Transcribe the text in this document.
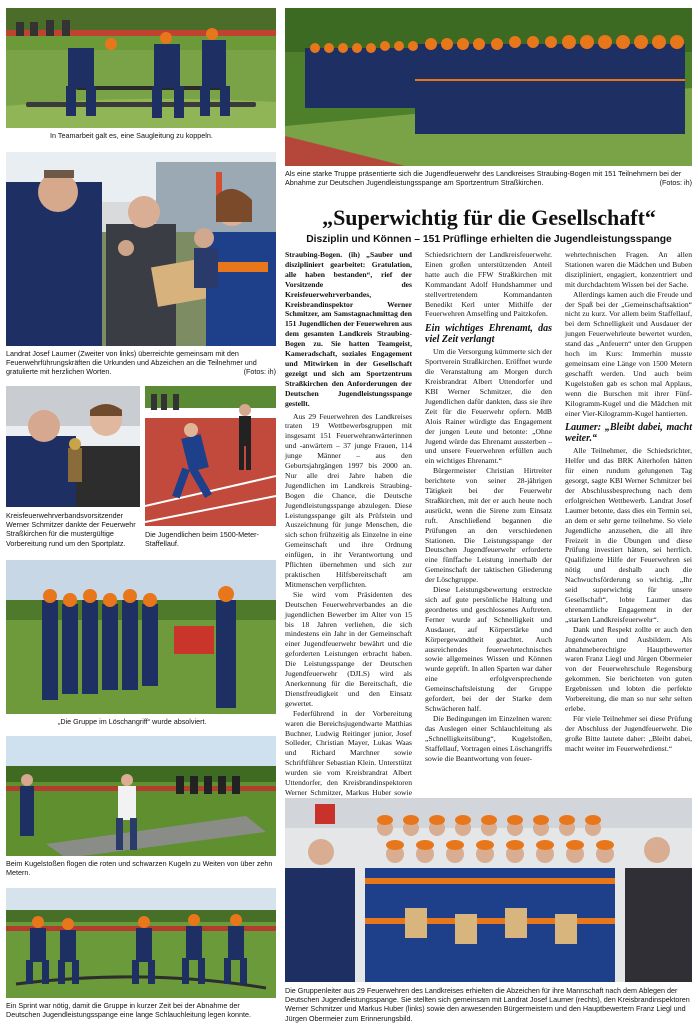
In Teamarbeit galt es, eine Saugleitung zu koppeln.

Landrat Josef Laumer (Zweiter von links) überreichte gemeinsam mit den Feuerwehrführungskräften die Urkunden und Abzeichen an die Teilnehmer und gratulierte mit herzlichen Worten.	(Fotos: ih)

Kreisfeuerwehrverbandsvorsitzender Werner Schmitzer dankte der Feuerwehr Straßkirchen für die mustergültige Vorbereitung rund um den Sportplatz.

Die Jugendlichen beim 1500-Meter-Staffellauf.

„Die Gruppe im Löschangriff“ wurde absolviert.

Beim Kugelstoßen flogen die roten und schwarzen Kugeln zu Weiten von über zehn Metern.

Ein Sprint war nötig, damit die Gruppe in kurzer Zeit bei der Abnahme der Deutschen Jugendleistungsspange eine lange Schlauchleitung legen konnte.

Als eine starke Truppe präsentierte sich die Jugendfeuerwehr des Landkreises Straubing-Bogen mit 151 Teilnehmern bei der Abnahme zur Deutschen Jugendleistungsspange am Sportzentrum Straßkirchen.	(Fotos: ih)

„Superwichtig für die Gesellschaft“
Disziplin und Können – 151 Prüflinge erhielten die Jugendleistungsspange

Straubing-Bogen. (ih) „Sauber und diszipliniert gearbeitet: Gratulation, alle haben bestanden“, rief der Vorsitzende des Kreisfeuerwehrverbandes, Kreisbrandinspektor Werner Schmitzer, am Samstagnachmittag den 151 Jugendlichen der Feuerwehren aus dem gesamten Landkreis Straubing-Bogen zu. Sie hatten Teamgeist, Kameradschaft, soziales Engagement und Mitwirken in der Gesellschaft gezeigt und sich am Sportzentrum Straßkirchen den Anforderungen der Deutschen Jugendleistungsspange gestellt.

Aus 29 Feuerwehren des Landkreises traten 19 Wettbewerbsgruppen mit insgesamt 151 Feuerwehranwärterinnen und -anwärtern – 37 junge Frauen, 114 junge Männer – aus den Geburtsjahrgängen 1997 bis 2000 an. Nur alle drei Jahre haben die Jugendlichen im Landkreis Straubing-Bogen die Chance, die Deutsche Jugendleistungsspange abzulegen. Diese Leistungsspange gilt als Prüfstein und Auszeichnung für junge Menschen, die sich schon frühzeitig als Einzelne in eine Gemeinschaft und ihre Ordnung einfügen, in ihr Verantwortung und Pflichten übernehmen und sich zur praktischen Hilfsbereitschaft am Mitmenschen verpflichten.

Sie wird vom Präsidenten des Deutschen Feuerwehrverbandes an die jugendlichen Bewerber im Alter von 15 bis 18 Jahren verliehen, die sich mindestens ein Jahr in der Gemeinschaft einer Jugendfeuerwehr bewährt und die geforderten Leistungen erbracht haben. Die Leistungsspange der Deutschen Jugendfeuerwehr (DJLS) wird als Anerkennung für die Bereitschaft, die Dienstfreudigkeit und den Einsatz gewertet.

Federführend in der Vorbereitung waren die Bereichsjugendwarte Matthias Buchner, Ludwig Reitinger junior, Josef Solleder, Christian Mayer, Lukas Waas und Richard Marchner sowie Schriftführer Sebastian Klein. Unterstützt wurden sie vom Kreisbrandrat Albert Uttendorfer, den Kreisbrandinspektoren Werner Schmitzer, Markus Huber sowie

Schiedsrichtern der Landkreisfeuerwehr. Einen großen unterstützenden Anteil hatte auch die FFW Straßkirchen mit Kommandant Adolf Hundshammer und stellvertretendem Kommandanten Benedikt Kerl unter Mithilfe der Feuerwehren Amselfing und Paitzkofen.

Ein wichtiges Ehrenamt, das viel Zeit verlangt

Um die Versorgung kümmerte sich der Sportverein Straßkirchen. Eröffnet wurde die Veranstaltung am Morgen durch Kreisbrandrat Albert Uttendorfer und KBI Werner Schmitzer, die den Jugendlichen dafür dankten, dass sie ihre Zeit für die Feuerwehr opfern. MdB Alois Rainer würdigte das Engagement der jungen Leute und betonte: „Ohne Jugend würde das Ehrenamt aussterben – und unsere Feuerwehren erfüllen auch ein wichtiges Ehrenamt.“

Bürgermeister Christian Hirtreiter berichtete von seiner 28-jährigen Tätigkeit bei der Feuerwehr Straßkirchen, mit der er auch heute noch ausrückt, wenn die Sirene zum Einsatz ruft. Anschließend begannen die Prüfungen an den verschiedenen Stationen. Die Leistungsspange der Deutschen Jugendfeuerwehr erforderte eine fünffache Leistung innerhalb der Gemeinschaft der taktischen Gliederung der Löschgruppe.

Diese Leistungsbewertung erstreckte sich auf gute persönliche Haltung und geordnetes und geschlossenes Auftreten. Ferner wurde auf Schnelligkeit und Ausdauer, auf Körperstärke und Körpergewandtheit geachtet. Auch ausreichendes feuerwehrtechnisches sowie allgemeines Wissen und Können wurde geprüft. In allen Sparten war daher eine erfolgversprechende Gemeinschaftsleistung der Gruppe gefordert, bei der der Starke dem Schwächeren half.

Die Bedingungen im Einzelnen waren: das Auslegen einer Schlauchleitung als „Schnelligkeitsübung“, Kugelstoßen, Staffellauf, Vortragen eines Löschangriffs sowie die Beantwortung von feuer-

wehrtechnischen Fragen. An allen Stationen waren die Mädchen und Buben diszipliniert, engagiert, konzentriert und mit durchdachtem Wissen bei der Sache.

Allerdings kamen auch die Freude und der Spaß bei der „Gemeinschaftsaktion“ nicht zu kurz. Vor allem beim Staffellauf, bei dem Schnelligkeit und Ausdauer der jungen Feuerwehrleute bewertet wurden, stand das „Anfeuern“ unter den Gruppen hoch im Kurs: Immerhin musste gemeinsam eine Länge von 1500 Metern geschafft werden. Und auch beim Kugelstoßen gab es schon mal Applaus, wenn die Burschen mit ihrer Fünf-Kilogramm-Kugel und die Mädchen mit einer Vier-Kilogramm-Kugel hantierten.

Laumer: „Bleibt dabei, macht weiter.“

Alle Teilnehmer, die Schiedsrichter, Helfer und das BRK Aiterhofen hätten für einen rundum gelungenen Tag gesorgt, sagte KBI Werner Schmitzer bei der Abschlussbesprechung nach dem erfolgreichen Wettbewerb. Landrat Josef Laumer betonte, dass dies ein Termin sei, an dem er sehr gerne teilnehme. So viele Jugendliche anzusehen, die all ihre Freizeit in die Übungen und diese Prüfung investiert hätten, sei herrlich. Qualifizierte Hilfe der Feuerwehren sei nötig und deshalb auch die Nachwuchsförderung so wichtig. „Ihr seid superwichtig für unsere Gesellschaft“, lobte Laumer das ehrenamtliche Engagement in der „starken Landkreisfeuerwehr“.

Dank und Respekt zollte er auch den Jugendwarten und Ausbildern. Als abnahmeberechtigte Hauptbewerter waren Franz Liegl und Jürgen Obermeier von der Feuerwehrschule Regensburg gekommen. Sie berichteten von guten Ergebnissen und lobten die perfekte Vorbereitung, die man so nur sehr selten erlebe.

Für viele Teilnehmer sei diese Prüfung der Abschluss der Jugendfeuerwehr. Die große Bitte lautete daher: „Bleibt dabei, macht weiter im Feuerwehrdienst.“

Die Gruppenleiter aus 29 Feuerwehren des Landkreises erhielten die Abzeichen für ihre Mannschaft nach dem Ablegen der Deutschen Jugendleistungsspange. Sie stellten sich gemeinsam mit Landrat Josef Laumer (rechts), den Kreisbrandinspektoren Werner Schmitzer und Markus Huber (links) sowie den anwesenden Bürgermeistern und den Hauptbewertern Franz Liegl und Jürgen Obermeier zum Erinnerungsbild.
